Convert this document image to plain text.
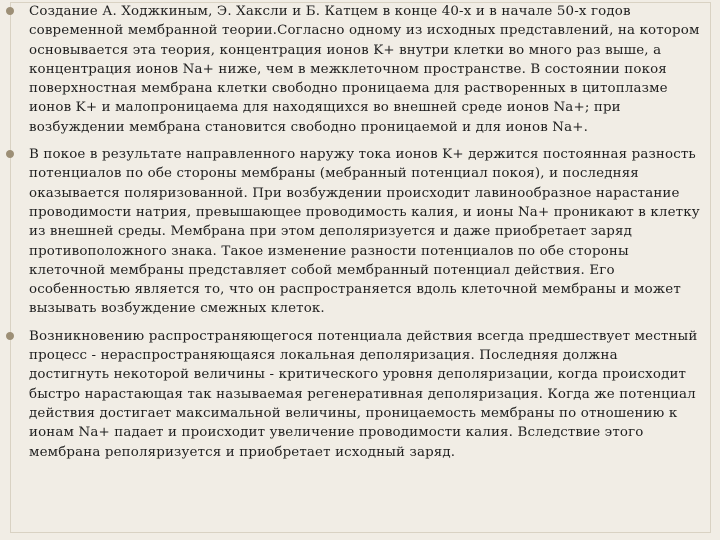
Создание А. Ходжкиным, Э. Хаксли и Б. Катцем в конце 40-х и в начале 50-х годов современной мембранной теории.Согласно одному из исходных представлений, на котором основывается эта теория, концентрация ионов K+ внутри клетки во много раз выше, а концентрация ионов Na+ ниже, чем в межклеточном пространстве. В состоянии покоя поверхностная мембрана клетки свободно проницаема для растворенных в цитоплазме ионов K+ и малопроницаема для находящихся во внешней среде ионов Na+; при возбуждении мембрана становится свободно проницаемой и для ионов Na+.
В покое в результате направленного наружу тока ионов K+ держится постоянная разность потенциалов по обе стороны мембраны (мебранный потенциал покоя), и последняя оказывается поляризованной. При возбуждении происходит лавинообразное нарастание проводимости натрия, превышающее проводимость калия, и ионы Na+ проникают в клетку из внешней среды. Мембрана при этом деполяризуется и даже приобретает заряд противоположного знака. Такое изменение разности потенциалов по обе стороны клеточной мембраны представляет собой мембранный потенциал действия. Его особенностью является то, что он распространяется вдоль клеточной мембраны и может вызывать возбуждение смежных клеток.
Возникновению распространяющегося потенциала действия всегда предшествует местный процесс - нераспространяющаяся локальная деполяризация. Последняя должна достигнуть некоторой величины - критического уровня деполяризации, когда происходит быстро нарастающая так называемая регенеративная деполяризация. Когда же потенциал действия достигает максимальной величины, проницаемость мембраны по отношению к ионам Na+ падает и происходит увеличение проводимости калия. Вследствие этого мембрана реполяризуется и приобретает исходный заряд.
